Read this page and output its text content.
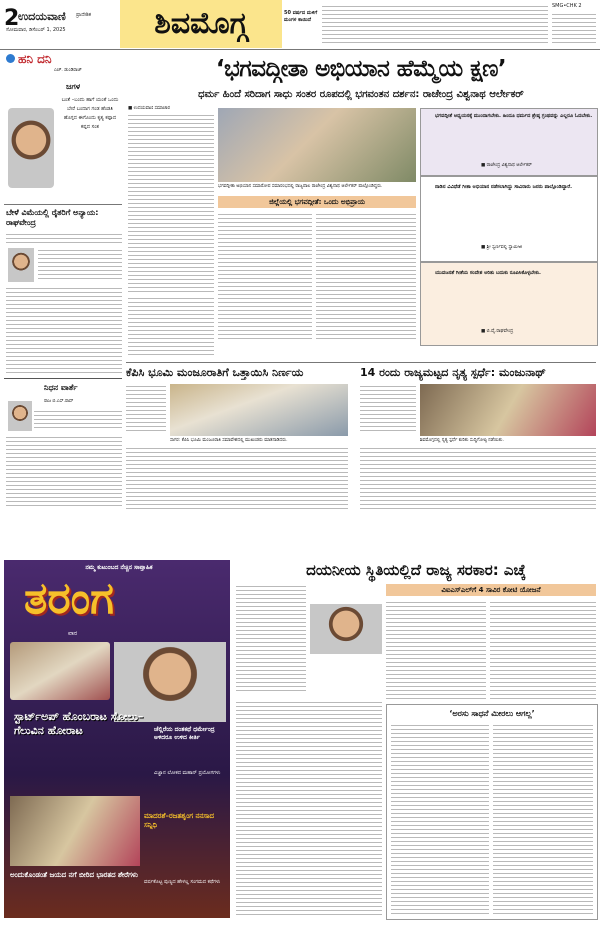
2
ಉದಯವಾಣಿ ಪ್ರಾದೇಶಿಕ
ಸೋಮವಾರ, ಡಿಸೆಂಬರ್ 1, 2025	ಶಿವಮೊಗ್ಗ	50 ವರ್ಷದ ಮಳಿಗೆ ಮಂಗಳ ಕಾಯಿದೆ
SMG•CHK 2
ಹನಿ ದನಿ
ಎಚ್. ಡುಂಡಿರಾಜ್
ಜಗಳ
ಬಂತೆ –ಬಂದು ಹಾಗೆ ಯಂತೆ ಒಂದು ಬೇರೆ ಬಂದಾಗ ಗಂಡ ಹೆಂಡತಿ ಹೊಗ್ಗದ ಈಗೊಂದು ಕೃತ್ಯ ಕಪ್ಪಾದ ಕಪ್ಪದ ಸಂತ
ಬೇಳೆ ವಿಮೆಯಲ್ಲಿ ರೈತರಿಗೆ ಅನ್ಯಾಯ: ರಾಘವೇಂದ್ರ
ನಿಧನ ವಾರ್ತೆ
ರಾಜ ಬಿ.ಎಸ್.ರಾವ್
‘ಭಗವದ್ಗೀತಾ ಅಭಿಯಾನ ಹೆಮ್ಮೆಯ ಕ್ಷಣ’
ಧರ್ಮ ಹಿಂದೆ ಸರಿದಾಗ ಸಾಧು ಸಂತರ ರೂಪದಲ್ಲಿ ಭಗವಂತನ ದರ್ಶನ: ರಾಜೇಂದ್ರ ವಿಶ್ವನಾಥ ಆರ್ಲೇಕರ್
■ ಉದಯವಾಣಿ ಸಮಾಚಾರ
ಭಗವದ್ಗೀತಾ ಅಭಿಯಾನ ಸಮಾರೋಪ ಸಮಾರಂಭದಲ್ಲಿ ರಾಜ್ಯಪಾಲ ರಾಜೇಂದ್ರ ವಿಶ್ವನಾಥ ಆರ್ಲೇಕರ್ ಪಾಲ್ಗೊಂಡಿದ್ದರು.
ಭಗವದ್ಗೀತೆ ಅಧ್ಯಯನಕ್ಕೆ ಮುಂದಾಗಬೇಕು. ಹಿಂದೂ ಧರ್ಮದ ಶ್ರೇಷ್ಠ ಗ್ರಂಥವನ್ನು ಎಲ್ಲರೂ ಓದಬೇಕು.
■ ರಾಜೇಂದ್ರ ವಿಶ್ವನಾಥ ಆರ್ಲೇಕರ್
ನಾಡಿನ ವಿವಿಧೆಡೆ ಗೀತಾ ಅಭಿಯಾನ ನಡೆಸಲಾಗಿದ್ದು ಸಾವಿರಾರು ಜನರು ಪಾಲ್ಗೊಂಡಿದ್ದಾರೆ.
■ ಶ್ರೀ ಸ್ವರ್ಣವಲ್ಲಿ ಸ್ವಾಮೀಜಿ
ಯುವಜನತೆ ಗೀತೆಯ ಸಂದೇಶ ಅರಿತು ಬದುಕು ರೂಪಿಸಿಕೊಳ್ಳಬೇಕು.
■ ಬಿ.ವೈ.ರಾಘವೇಂದ್ರ
ಜಿಲ್ಲೆಯಲ್ಲಿ ಭಗವದ್ಗೀತೆ: ಒಂದು ಅಭಿಪ್ರಾಯ
ಕೆಪಿಸಿ ಭೂಮಿ ಮಂಜೂರಾತಿಗೆ ಒತ್ತಾಯಿಸಿ ನಿರ್ಣಯ
ಸಾಗರ: ಕೆಪಿಸಿ ಭೂಮಿ ಮಂಜೂರಾತಿ ಸಮಾವೇಶದಲ್ಲಿ ಮುಖಂಡರು ಮಾತನಾಡಿದರು.
14 ರಂದು ರಾಜ್ಯಮಟ್ಟದ ನೃತ್ಯ ಸ್ಪರ್ಧೆ: ಮಂಜುನಾಥ್
ಶಿವಮೊಗ್ಗದಲ್ಲಿ ನೃತ್ಯ ಸ್ಪರ್ಧೆ ಕುರಿತು ಸುದ್ದಿಗೋಷ್ಠಿ ನಡೆಯಿತು.
ನಮ್ಮ ಕುಟುಂಬದ ನೆಚ್ಚಿನ ಸಾಪ್ತಾಹಿಕ
ತರಂಗ
ವಾರ
ಚೆಲ್ಲಿರೆಯ ದಂತಕಥೆ ಧರ್ಮೇಂದ್ರ ಅಳಿದರೂ ಉಳಿದ ಕೀರ್ತಿ
ಸ್ಟಾರ್ಟ್‌ಅಪ್ ಹೊಂಬರಾಟ ಸೋಲು–ಗೆಲುವಿನ ಹೋರಾಟ
ವಿಜ್ಞಾನ ಲೋಕದ ಮಹಾನ್ ಪ್ರಯೋಗಗಳು
ಮಾದರಶೆ–ರಜತಶೃಂಗ ನನಸಾದ ಸನ್ನಿಧಿ
ಅಂದುಕೊಂಡಂತೆ ಜಯದ ನಗೆ ಬೀರಿದ ಭಾರತದ ಶೇರೆಗಳು
ವರ್ಷಕೊಟ್ಟ ಪುಣ್ಯದ ಹೇಳಲ್ಲ ಸಂಗಮದ ಕಥೆಗಳು
ದಯನೀಯ ಸ್ಥಿತಿಯಲ್ಲಿದೆ ರಾಜ್ಯ ಸರಕಾರ: ಎಚ್ಕೆ
ವಿಐಎಸ್‌ಎಲ್‌ಗೆ 4 ಸಾವಿರ ಕೋಟಿ ಯೋಜನೆ
‘ಅರಸು ಸಾಧನೆ ಮೀರಲು ಆಗಲ್ಲ’
